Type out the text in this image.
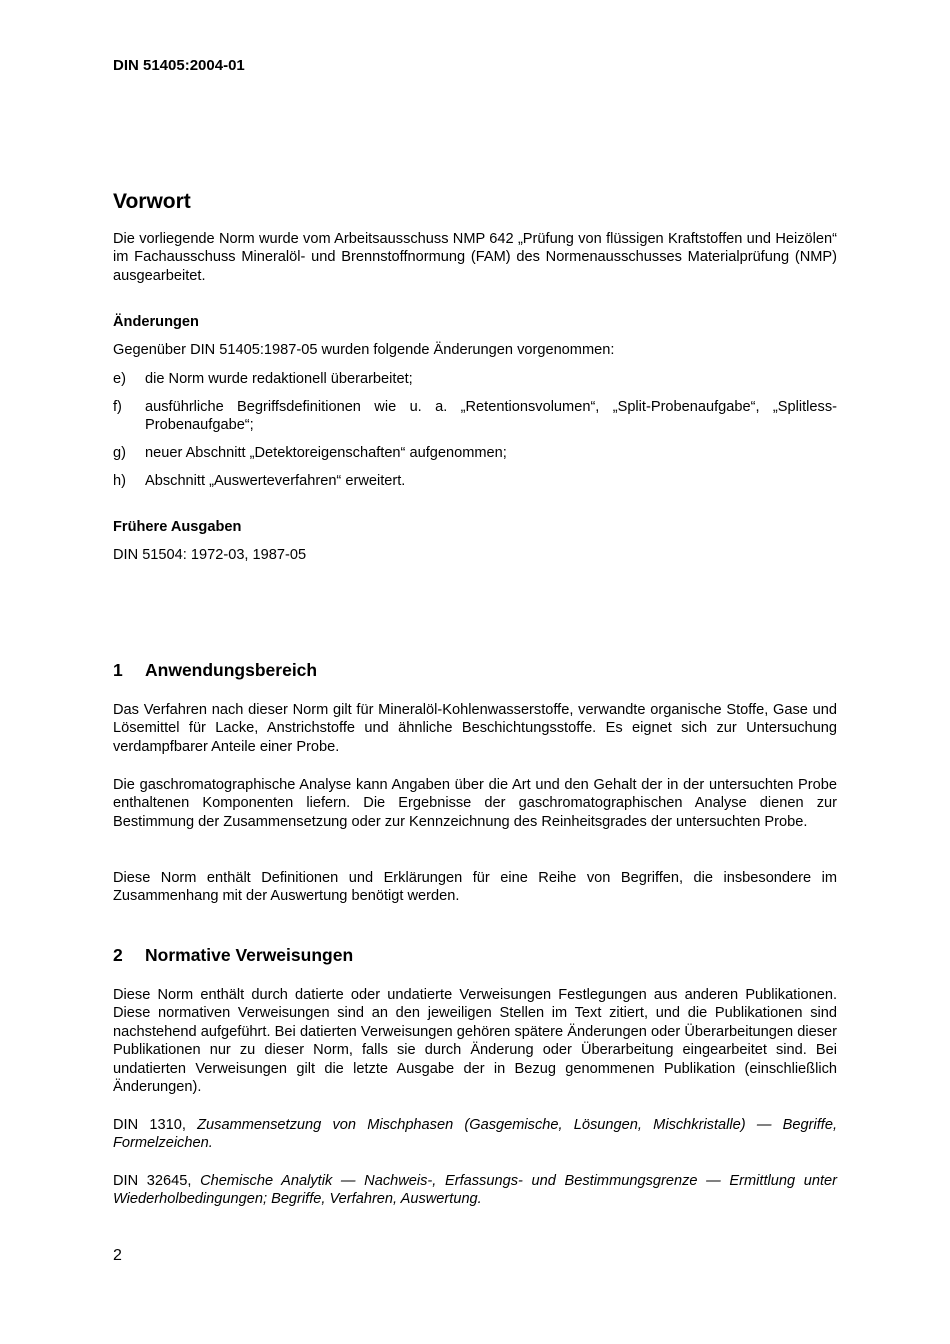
DIN 51405:2004-01
Vorwort

Die vorliegende Norm wurde vom Arbeitsausschuss NMP 642 „Prüfung von flüssigen Kraftstoffen und Heizölen“ im Fachausschuss Mineralöl- und Brennstoffnormung (FAM) des Normenausschusses Materialprüfung (NMP) ausgearbeitet.

Änderungen

Gegenüber DIN 51405:1987-05 wurden folgende Änderungen vorgenommen:

e)	die Norm wurde redaktionell überarbeitet;
f)	ausführliche Begriffsdefinitionen wie u. a. „Retentionsvolumen“, „Split-Probenaufgabe“, „Splitless-Probenaufgabe“;
g)	neuer Abschnitt „Detektoreigenschaften“ aufgenommen;
h)	Abschnitt „Auswerteverfahren“ erweitert.
Frühere Ausgaben

DIN 51504: 1972-03, 1987-05

1 Anwendungsbereich

Das Verfahren nach dieser Norm gilt für Mineralöl-Kohlenwasserstoffe, verwandte organische Stoffe, Gase und Lösemittel für Lacke, Anstrichstoffe und ähnliche Beschichtungsstoffe. Es eignet sich zur Untersuchung verdampfbarer Anteile einer Probe.

Die gaschromatographische Analyse kann Angaben über die Art und den Gehalt der in der untersuchten Probe enthaltenen Komponenten liefern. Die Ergebnisse der gaschromatographischen Analyse dienen zur Bestimmung der Zusammensetzung oder zur Kennzeichnung des Reinheitsgrades der untersuchten Probe.

Diese Norm enthält Definitionen und Erklärungen für eine Reihe von Begriffen, die insbesondere im Zusammenhang mit der Auswertung benötigt werden.

2 Normative Verweisungen

Diese Norm enthält durch datierte oder undatierte Verweisungen Festlegungen aus anderen Publikationen. Diese normativen Verweisungen sind an den jeweiligen Stellen im Text zitiert, und die Publikationen sind nachstehend aufgeführt. Bei datierten Verweisungen gehören spätere Änderungen oder Überarbeitungen dieser Publikationen nur zu dieser Norm, falls sie durch Änderung oder Überarbeitung eingearbeitet sind. Bei undatierten Verweisungen gilt die letzte Ausgabe der in Bezug genommenen Publikation (einschließlich Änderungen).

DIN 1310, Zusammensetzung von Mischphasen (Gasgemische, Lösungen, Mischkristalle) — Begriffe, Formelzeichen.

DIN 32645, Chemische Analytik — Nachweis-, Erfassungs- und Bestimmungsgrenze — Ermittlung unter Wiederholbedingungen; Begriffe, Verfahren, Auswertung.

2
